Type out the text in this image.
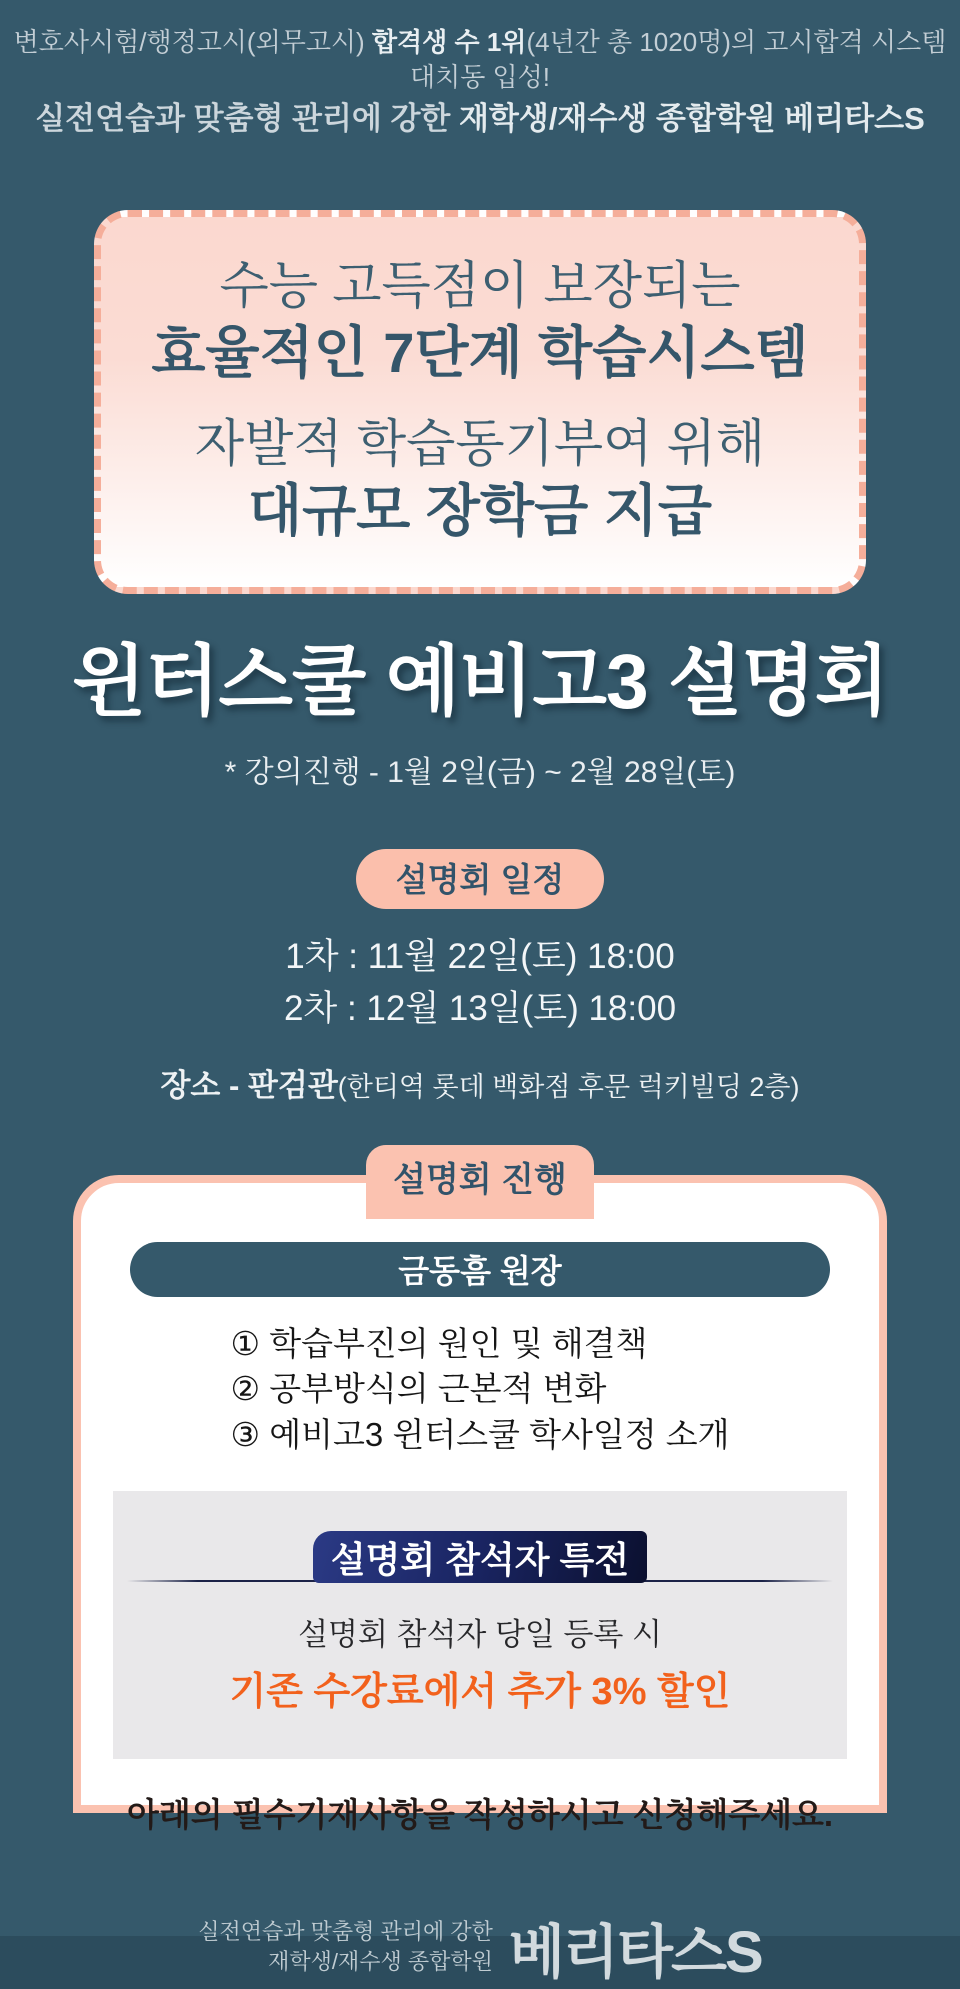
변호사시험/행정고시(외무고시) 합격생 수 1위(4년간 총 1020명)의 고시합격 시스템 대치동 입성!
실전연습과 맞춤형 관리에 강한 재학생/재수생 종합학원 베리타스S
수능 고득점이 보장되는
효율적인 7단계 학습시스템
자발적 학습동기부여 위해
대규모 장학금 지급
윈터스쿨 예비고3 설명회
* 강의진행 - 1월 2일(금) ~ 2월 28일(토)
설명회 일정
1차 : 11월 22일(토) 18:00
2차 : 12월 13일(토) 18:00
장소 - 판검관(한티역 롯데 백화점 후문 럭키빌딩 2층)
설명회 진행
금동흠 원장
① 학습부진의 원인 및 해결책
② 공부방식의 근본적 변화
③ 예비고3 윈터스쿨 학사일정 소개
설명회 참석자 특전
설명회 참석자 당일 등록 시
기존 수강료에서 추가 3% 할인
아래의 필수기재사항을 작성하시고 신청해주세요.
실전연습과 맞춤형 관리에 강한
재학생/재수생 종합학원 베리타스S
